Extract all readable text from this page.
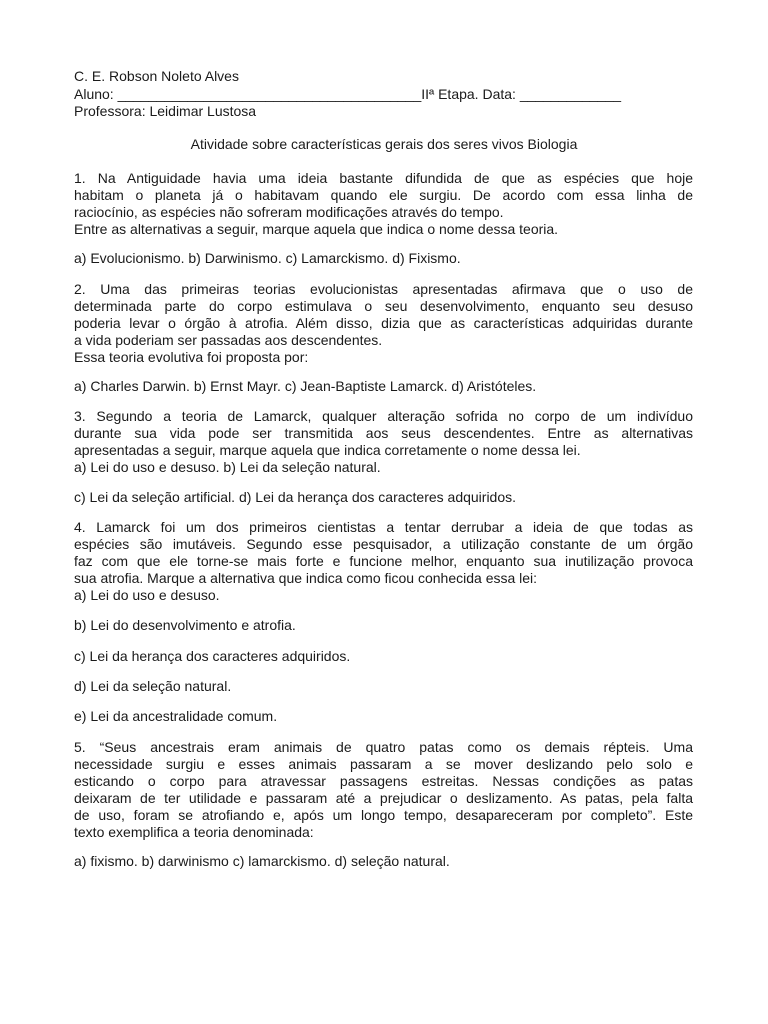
C. E. Robson Noleto Alves
Aluno: _______________________________________IIª Etapa. Data: _____________
Professora: Leidimar Lustosa
Atividade sobre características gerais dos seres vivos Biologia
1. Na Antiguidade havia uma ideia bastante difundida de que as espécies que hoje
habitam o planeta já o habitavam quando ele surgiu. De acordo com essa linha de
raciocínio, as espécies não sofreram modificações através do tempo.
Entre as alternativas a seguir, marque aquela que indica o nome dessa teoria.
a) Evolucionismo. b) Darwinismo. c) Lamarckismo. d) Fixismo.
2. Uma das primeiras teorias evolucionistas apresentadas afirmava que o uso de
determinada parte do corpo estimulava o seu desenvolvimento, enquanto seu desuso
poderia levar o órgão à atrofia. Além disso, dizia que as características adquiridas durante
a vida poderiam ser passadas aos descendentes.
Essa teoria evolutiva foi proposta por:
a) Charles Darwin. b) Ernst Mayr. c) Jean-Baptiste Lamarck. d) Aristóteles.
3. Segundo a teoria de Lamarck, qualquer alteração sofrida no corpo de um indivíduo
durante sua vida pode ser transmitida aos seus descendentes. Entre as alternativas
apresentadas a seguir, marque aquela que indica corretamente o nome dessa lei.
a) Lei do uso e desuso. b) Lei da seleção natural.
c) Lei da seleção artificial. d) Lei da herança dos caracteres adquiridos.
4. Lamarck foi um dos primeiros cientistas a tentar derrubar a ideia de que todas as
espécies são imutáveis. Segundo esse pesquisador, a utilização constante de um órgão
faz com que ele torne-se mais forte e funcione melhor, enquanto sua inutilização provoca
sua atrofia. Marque a alternativa que indica como ficou conhecida essa lei:
a) Lei do uso e desuso.
b) Lei do desenvolvimento e atrofia.
c) Lei da herança dos caracteres adquiridos.
d) Lei da seleção natural.
e) Lei da ancestralidade comum.
5. “Seus ancestrais eram animais de quatro patas como os demais répteis. Uma
necessidade surgiu e esses animais passaram a se mover deslizando pelo solo e
esticando o corpo para atravessar passagens estreitas. Nessas condições as patas
deixaram de ter utilidade e passaram até a prejudicar o deslizamento. As patas, pela falta
de uso, foram se atrofiando e, após um longo tempo, desapareceram por completo”. Este
texto exemplifica a teoria denominada:
a) fixismo. b) darwinismo c) lamarckismo. d) seleção natural.
